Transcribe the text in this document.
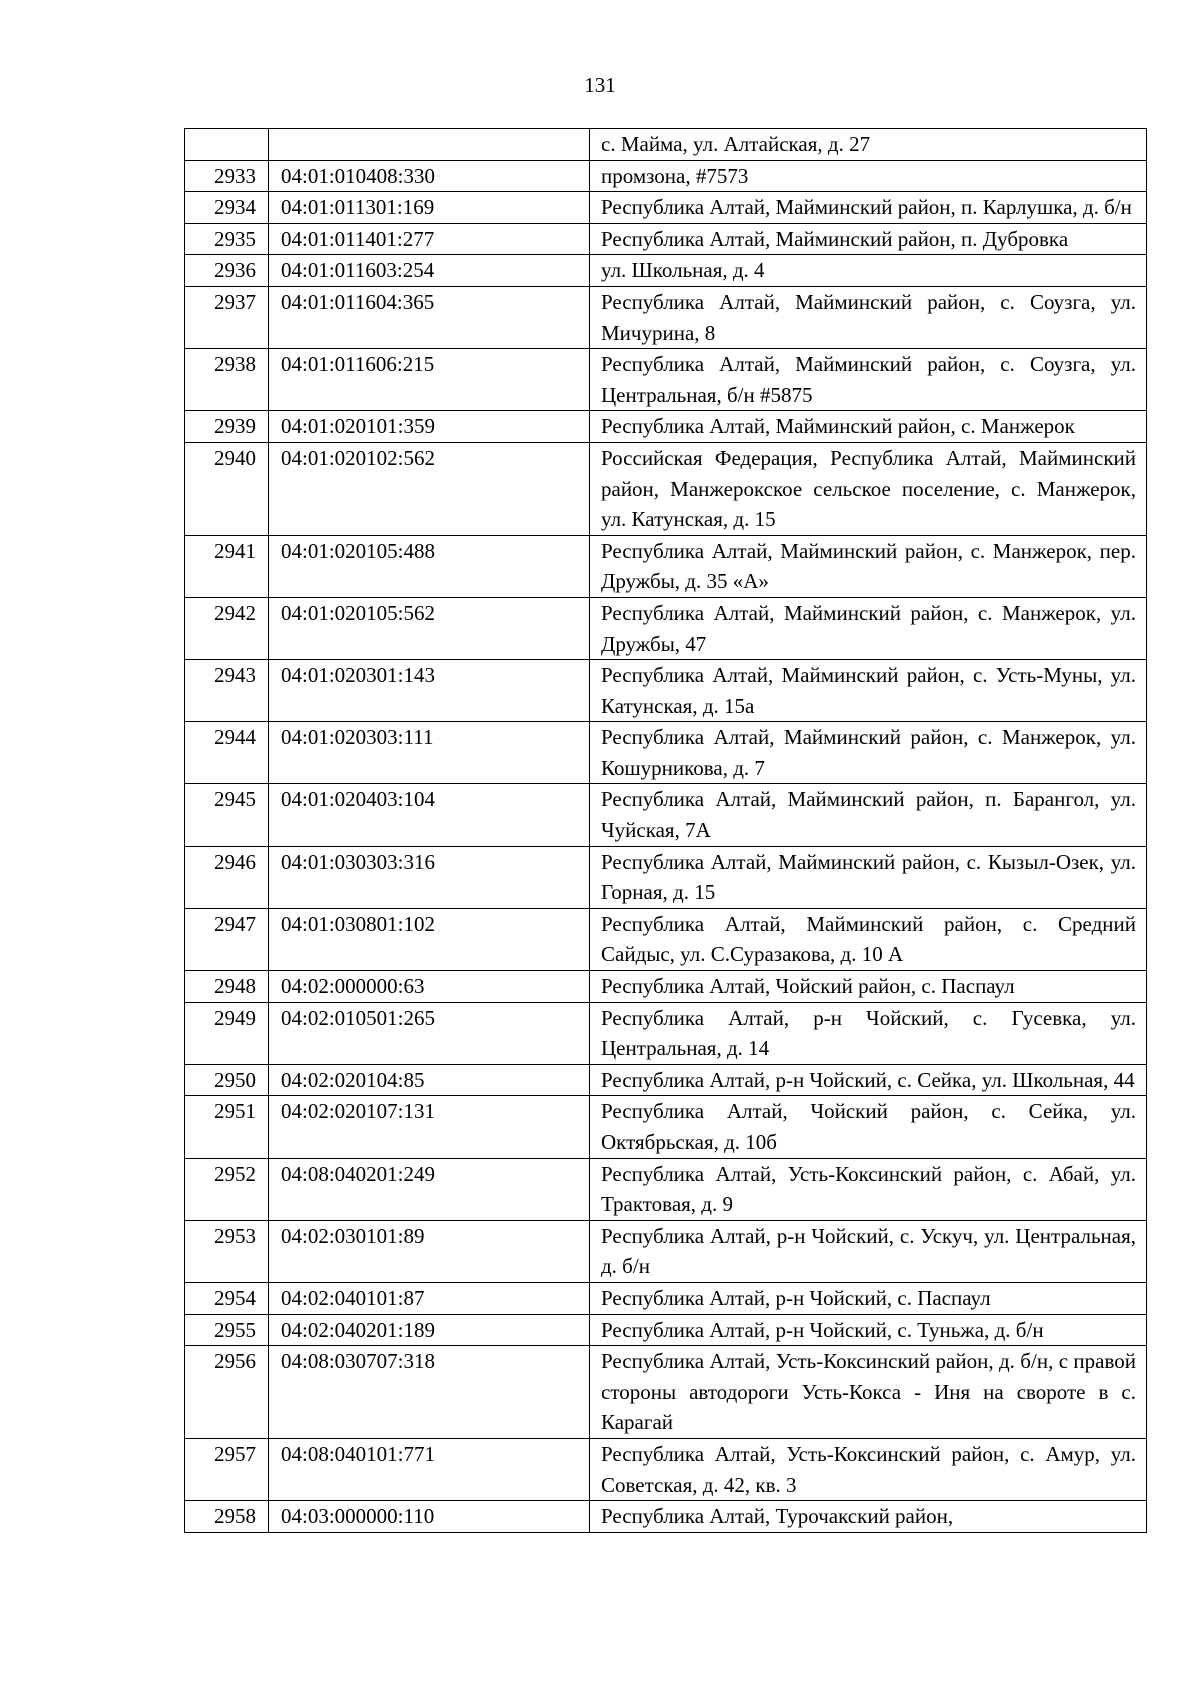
131
		с. Майма, ул. Алтайская, д. 27
2933	04:01:010408:330	промзона, #7573
2934	04:01:011301:169	Республика Алтай, Майминский район, п. Карлушка, д. б/н
2935	04:01:011401:277	Республика Алтай, Майминский район, п. Дубровка
2936	04:01:011603:254	ул. Школьная, д. 4
2937	04:01:011604:365	Республика Алтай, Майминский район, с. Соузга, ул. Мичурина, 8
2938	04:01:011606:215	Республика Алтай, Майминский район, с. Соузга, ул. Центральная, б/н #5875
2939	04:01:020101:359	Республика Алтай, Майминский район, с. Манжерок
2940	04:01:020102:562	Российская Федерация, Республика Алтай, Майминский район, Манжерокское сельское поселение, с. Манжерок, ул. Катунская, д. 15
2941	04:01:020105:488	Республика Алтай, Майминский район, с. Манжерок, пер. Дружбы, д. 35 «А»
2942	04:01:020105:562	Республика Алтай, Майминский район, с. Манжерок, ул. Дружбы, 47
2943	04:01:020301:143	Республика Алтай, Майминский район, с. Усть-Муны, ул. Катунская, д. 15а
2944	04:01:020303:111	Республика Алтай, Майминский район, с. Манжерок, ул. Кошурникова, д. 7
2945	04:01:020403:104	Республика Алтай, Майминский район, п. Барангол, ул. Чуйская, 7А
2946	04:01:030303:316	Республика Алтай, Майминский район, с. Кызыл-Озек, ул. Горная, д. 15
2947	04:01:030801:102	Республика Алтай, Майминский район, с. Средний Сайдыс, ул. С.Суразакова, д. 10 А
2948	04:02:000000:63	Республика Алтай, Чойский район, с. Паспаул
2949	04:02:010501:265	Республика Алтай, р-н Чойский, с. Гусевка, ул. Центральная, д. 14
2950	04:02:020104:85	Республика Алтай, р-н Чойский, с. Сейка, ул. Школьная, 44
2951	04:02:020107:131	Республика Алтай, Чойский район, с. Сейка, ул. Октябрьская, д. 10б
2952	04:08:040201:249	Республика Алтай, Усть-Коксинский район, с. Абай, ул. Трактовая, д. 9
2953	04:02:030101:89	Республика Алтай, р-н Чойский, с. Ускуч, ул. Центральная, д. б/н
2954	04:02:040101:87	Республика Алтай, р-н Чойский, с. Паспаул
2955	04:02:040201:189	Республика Алтай, р-н Чойский, с. Туньжа, д. б/н
2956	04:08:030707:318	Республика Алтай, Усть-Коксинский район, д. б/н, с правой стороны автодороги Усть-Кокса - Иня на свороте в с. Карагай
2957	04:08:040101:771	Республика Алтай, Усть-Коксинский район, с. Амур, ул. Советская, д. 42, кв. 3
2958	04:03:000000:110	Республика Алтай, Турочакский район,
